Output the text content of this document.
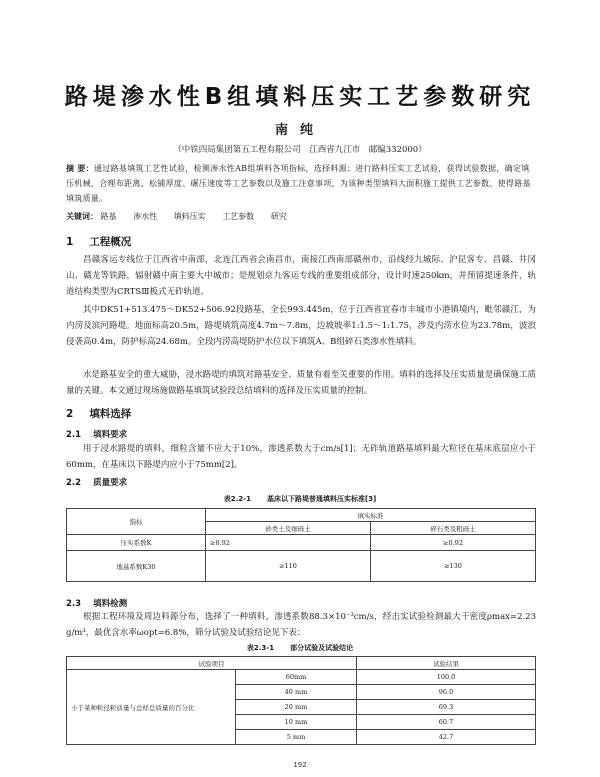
路堤渗水性B组填料压实工艺参数研究
南纯
（中铁四局集团第五工程有限公司　江西省九江市　邮编332000）
摘 要：通过路基填筑工艺性试验，检测渗水性AB组填料各项指标，选择料源；进行路料压实工艺试验，获得试验数据，确定填压机械，合理布距离、松铺厚度、碾压速度等工艺参数以及施工注意事项，为该种类型填料大面积施工提供工艺参数、使得路基填筑质量。
关键词： 路基 渗水性 填料压实 工艺参数 研究
1 工程概况
昌赣客运专线位于江西省中南部，北连江西省会南昌市，南接江西南部赣州市，沿线经九城际、沪昆客专、昌赣、井冈山、赣龙等铁路，辐射赣中南主要大中城市；是规划京九客运专线的重要组成部分，设计时速250km，并预留提速条件，轨道结构类型为CRTSⅢ板式无砟轨道。
其中DK51+513.475～DK52+506.92段路基，全长993.445m，位于江西省宜春市丰城市小港镇境内，毗邻赣江，为内涝及滨河路堤。地面标高20.5m，路堤填筑高度4.7m～7.8m，边坡坡率1:1.5～1:1.75，涉及内涝水位为23.78m，波浪侵袭高0.4m，防护标高24.68m。全段内涝高堤防护水位以下填筑A、B组碎石类渗水性填料。
水是路基安全的重大威胁，浸水路堤的填筑对路基安全、质量有着至关重要的作用。填料的选择及压实质量是确保施工质量的关键。本文通过现场施做路基填筑试验段总结填料的选择及压实质量的控制。
2 填料选择
2.1 填料要求
用于浸水路堤的填料，细粒含量不应大于10%，渗透系数大于cm/s[1]；无砟轨道路基填料最大粒径在基床底层应小于60mm，在基床以下路堤内应小于75mm[2]。
2.2 质量要求
表2.2-1 基床以下路堤普通填料压实标准[3]
指标	填实标准	
	砂类土及细砾土	碎石类及粗砾土
压实系数K	≥0.92	≥0.92
地基系数K30	≥110	≥130
2.3 填料检测
根据工程环境及周边料源分布，选择了一种填料，渗透系数88.3×10⁻³cm/s，经击实试验检测最大干密度ρmax=2.23 g/m³，最优含水率ωopt=6.8%，筛分试验及试验结论见下表：
表2.3-1 部分试验及试验结论
试验项目		试验结果
小于某种粒径粒质量与总样总质量的百分比	60mm	100.0
	40 mm	96.0
	20 mm	69.3
	10 mm	60.7
	5 mm	42.7
192
